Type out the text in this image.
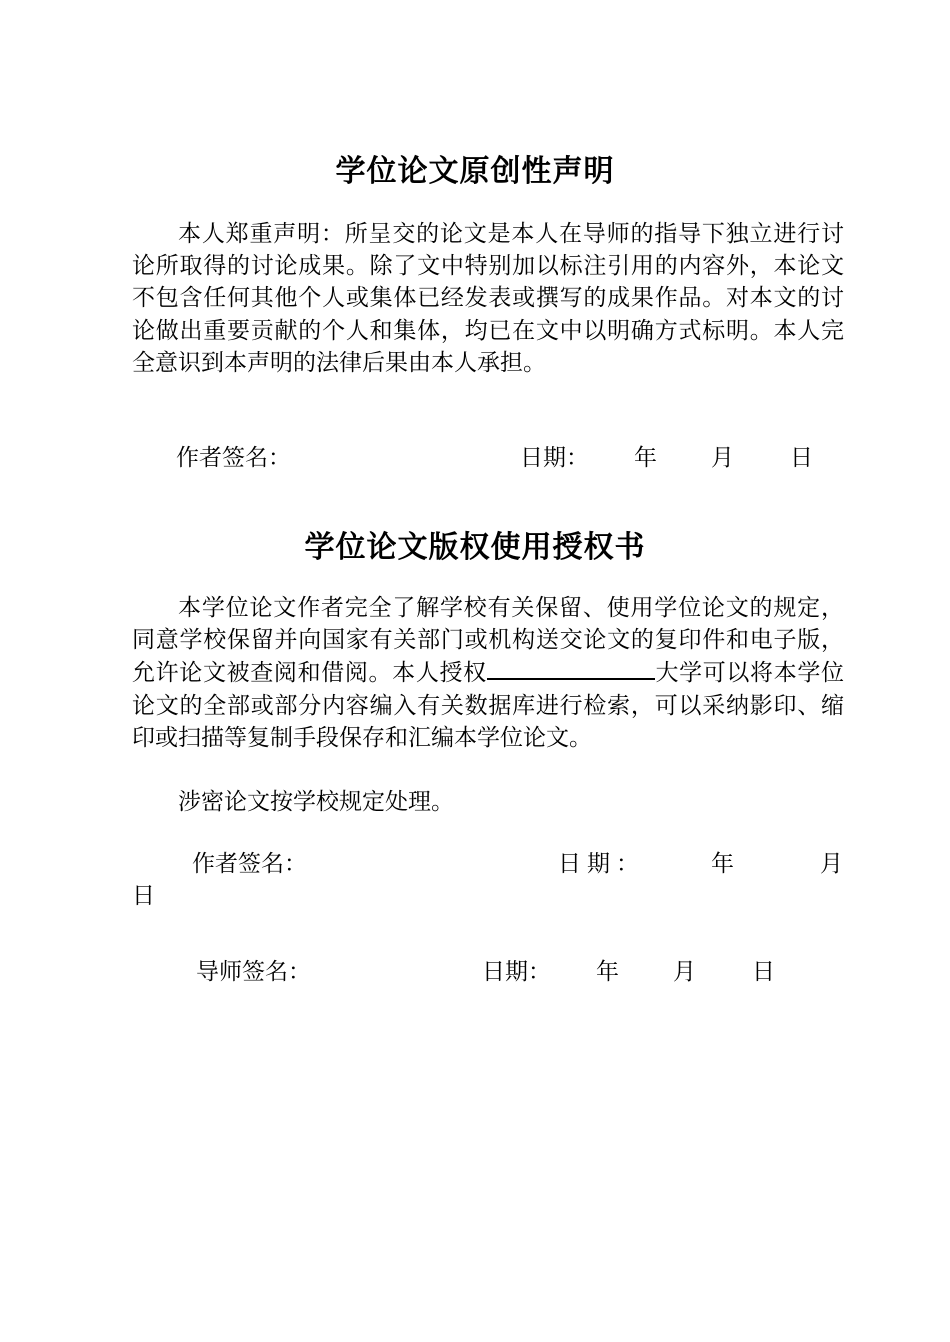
学位论文原创性声明

本人郑重声明：所呈交的论文是本人在导师的指导下独立进行讨论所取得的讨论成果。除了文中特别加以标注引用的内容外，本论文不包含任何其他个人或集体已经发表或撰写的成果作品。对本文的讨论做出重要贡献的个人和集体，均已在文中以明确方式标明。本人完全意识到本声明的法律后果由本人承担。

作者签名：	日期： 年 月 日
学位论文版权使用授权书

本学位论文作者完全了解学校有关保留、使用学位论文的规定，同意学校保留并向国家有关部门或机构送交论文的复印件和电子版，允许论文被查阅和借阅。本人授权	大学可以将本学位论文的全部或部分内容编入有关数据库进行检索，可以采纳影印、缩印或扫描等复制手段保存和汇编本学位论文。

涉密论文按学校规定处理。

作者签名：	日期：	年	月
日
导师签名：	日期： 年 月 日
